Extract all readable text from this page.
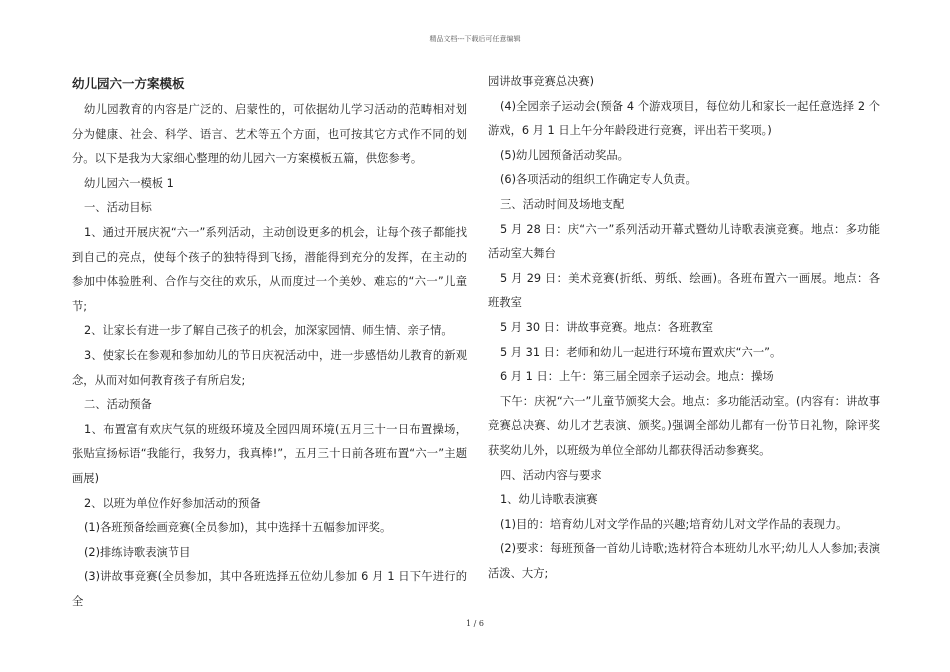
精品文档---下载后可任意编辑

幼儿园六一方案模板

幼儿园教育的内容是广泛的、启蒙性的，可依据幼儿学习活动的范畴相对划分为健康、社会、科学、语言、艺术等五个方面，也可按其它方式作不同的划分。以下是我为大家细心整理的幼儿园六一方案模板五篇，供您参考。

幼儿园六一模板 1

一、活动目标

1、通过开展庆祝“六一”系列活动，主动创设更多的机会，让每个孩子都能找到自己的亮点，使每个孩子的独特得到飞扬，潜能得到充分的发挥，在主动的参加中体验胜利、合作与交往的欢乐，从而度过一个美妙、难忘的“六一”儿童节;

2、让家长有进一步了解自己孩子的机会，加深家园情、师生情、亲子情。

3、使家长在参观和参加幼儿的节日庆祝活动中，进一步感悟幼儿教育的新观念，从而对如何教育孩子有所启发;

二、活动预备

1、布置富有欢庆气氛的班级环境及全园四周环境(五月三十一日布置操场，张贴宣扬标语“我能行，我努力，我真棒!”，五月三十日前各班布置“六一”主题画展)

2、以班为单位作好参加活动的预备

(1)各班预备绘画竞赛(全员参加)，其中选择十五幅参加评奖。

(2)排练诗歌表演节目

(3)讲故事竞赛(全员参加，其中各班选择五位幼儿参加 6 月 1 日下午进行的全

园讲故事竞赛总决赛)

(4)全园亲子运动会(预备 4 个游戏项目，每位幼儿和家长一起任意选择 2 个游戏，6 月 1 日上午分年龄段进行竞赛，评出若干奖项。)

(5)幼儿园预备活动奖品。

(6)各项活动的组织工作确定专人负责。

三、活动时间及场地支配

5 月 28 日：庆“六一”系列活动开幕式暨幼儿诗歌表演竞赛。地点：多功能活动室大舞台

5 月 29 日：美术竞赛(折纸、剪纸、绘画)。各班布置六一画展。地点：各班教室

5 月 30 日：讲故事竞赛。地点：各班教室

5 月 31 日：老师和幼儿一起进行环境布置欢庆“六一”。

6 月 1 日：上午：第三届全园亲子运动会。地点：操场

下午：庆祝“六一”儿童节颁奖大会。地点：多功能活动室。(内容有：讲故事竞赛总决赛、幼儿才艺表演、颁奖。)强调全部幼儿都有一份节日礼物，除评奖获奖幼儿外，以班级为单位全部幼儿都获得活动参赛奖。

四、活动内容与要求

1、幼儿诗歌表演赛

(1)目的：培育幼儿对文学作品的兴趣;培育幼儿对文学作品的表现力。

(2)要求：每班预备一首幼儿诗歌;选材符合本班幼儿水平;幼儿人人参加;表演活泼、大方;

1 / 6
